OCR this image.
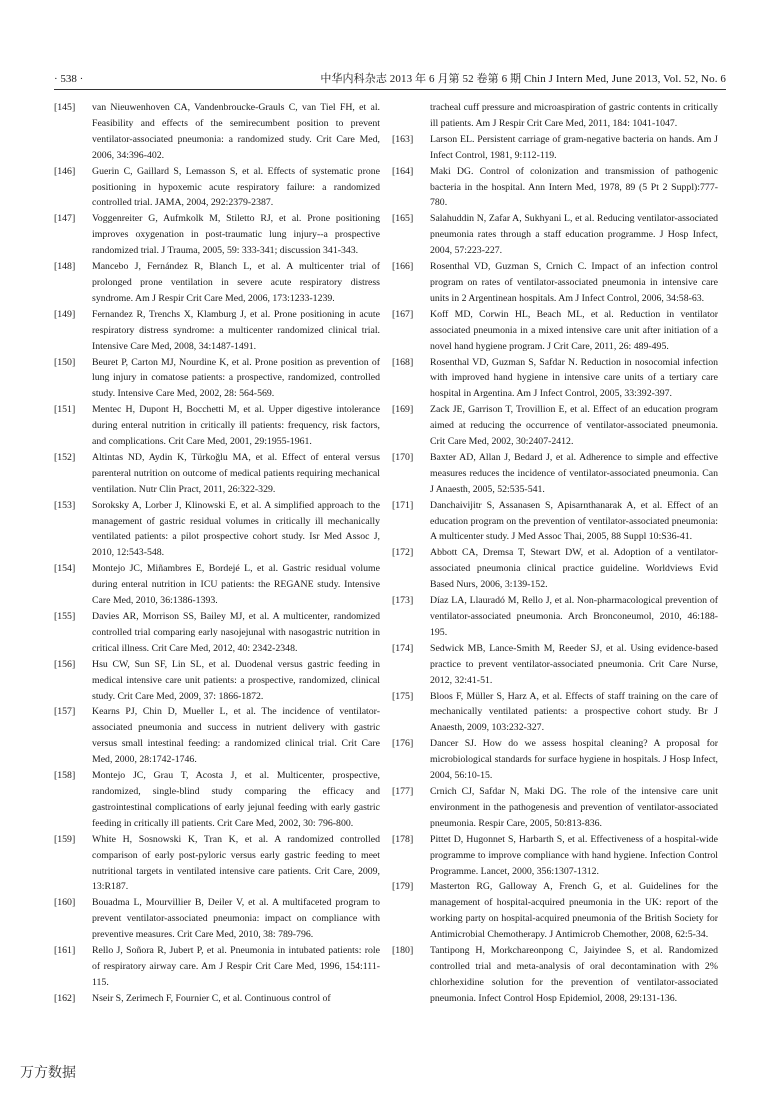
· 538 ·	中华内科杂志 2013 年 6 月第 52 卷第 6 期 Chin J Intern Med, June 2013, Vol. 52, No. 6
[145] van Nieuwenhoven CA, Vandenbroucke-Grauls C, van Tiel FH, et al. Feasibility and effects of the semirecumbent position to prevent ventilator-associated pneumonia: a randomized study. Crit Care Med, 2006, 34:396-402.
[146] Guerin C, Gaillard S, Lemasson S, et al. Effects of systematic prone positioning in hypoxemic acute respiratory failure: a randomized controlled trial. JAMA, 2004, 292:2379-2387.
[147] Voggenreiter G, Aufmkolk M, Stiletto RJ, et al. Prone positioning improves oxygenation in post-traumatic lung injury--a prospective randomized trial. J Trauma, 2005, 59: 333-341; discussion 341-343.
[148] Mancebo J, Fernández R, Blanch L, et al. A multicenter trial of prolonged prone ventilation in severe acute respiratory distress syndrome. Am J Respir Crit Care Med, 2006, 173:1233-1239.
[149] Fernandez R, Trenchs X, Klamburg J, et al. Prone positioning in acute respiratory distress syndrome: a multicenter randomized clinical trial. Intensive Care Med, 2008, 34:1487-1491.
[150] Beuret P, Carton MJ, Nourdine K, et al. Prone position as prevention of lung injury in comatose patients: a prospective, randomized, controlled study. Intensive Care Med, 2002, 28: 564-569.
[151] Mentec H, Dupont H, Bocchetti M, et al. Upper digestive intolerance during enteral nutrition in critically ill patients: frequency, risk factors, and complications. Crit Care Med, 2001, 29:1955-1961.
[152] Altintas ND, Aydin K, Türkoğlu MA, et al. Effect of enteral versus parenteral nutrition on outcome of medical patients requiring mechanical ventilation. Nutr Clin Pract, 2011, 26:322-329.
[153] Soroksky A, Lorber J, Klinowski E, et al. A simplified approach to the management of gastric residual volumes in critically ill mechanically ventilated patients: a pilot prospective cohort study. Isr Med Assoc J, 2010, 12:543-548.
[154] Montejo JC, Miñambres E, Bordejé L, et al. Gastric residual volume during enteral nutrition in ICU patients: the REGANE study. Intensive Care Med, 2010, 36:1386-1393.
[155] Davies AR, Morrison SS, Bailey MJ, et al. A multicenter, randomized controlled trial comparing early nasojejunal with nasogastric nutrition in critical illness. Crit Care Med, 2012, 40: 2342-2348.
[156] Hsu CW, Sun SF, Lin SL, et al. Duodenal versus gastric feeding in medical intensive care unit patients: a prospective, randomized, clinical study. Crit Care Med, 2009, 37: 1866-1872.
[157] Kearns PJ, Chin D, Mueller L, et al. The incidence of ventilator-associated pneumonia and success in nutrient delivery with gastric versus small intestinal feeding: a randomized clinical trial. Crit Care Med, 2000, 28:1742-1746.
[158] Montejo JC, Grau T, Acosta J, et al. Multicenter, prospective, randomized, single-blind study comparing the efficacy and gastrointestinal complications of early jejunal feeding with early gastric feeding in critically ill patients. Crit Care Med, 2002, 30: 796-800.
[159] White H, Sosnowski K, Tran K, et al. A randomized controlled comparison of early post-pyloric versus early gastric feeding to meet nutritional targets in ventilated intensive care patients. Crit Care, 2009, 13:R187.
[160] Bouadma L, Mourvillier B, Deiler V, et al. A multifaceted program to prevent ventilator-associated pneumonia: impact on compliance with preventive measures. Crit Care Med, 2010, 38: 789-796.
[161] Rello J, Soñora R, Jubert P, et al. Pneumonia in intubated patients: role of respiratory airway care. Am J Respir Crit Care Med, 1996, 154:111-115.
[162] Nseir S, Zerimech F, Fournier C, et al. Continuous control of
tracheal cuff pressure and microaspiration of gastric contents in critically ill patients. Am J Respir Crit Care Med, 2011, 184: 1041-1047.
[163] Larson EL. Persistent carriage of gram-negative bacteria on hands. Am J Infect Control, 1981, 9:112-119.
[164] Maki DG. Control of colonization and transmission of pathogenic bacteria in the hospital. Ann Intern Med, 1978, 89 (5 Pt 2 Suppl):777-780.
[165] Salahuddin N, Zafar A, Sukhyani L, et al. Reducing ventilator-associated pneumonia rates through a staff education programme. J Hosp Infect, 2004, 57:223-227.
[166] Rosenthal VD, Guzman S, Crnich C. Impact of an infection control program on rates of ventilator-associated pneumonia in intensive care units in 2 Argentinean hospitals. Am J Infect Control, 2006, 34:58-63.
[167] Koff MD, Corwin HL, Beach ML, et al. Reduction in ventilator associated pneumonia in a mixed intensive care unit after initiation of a novel hand hygiene program. J Crit Care, 2011, 26: 489-495.
[168] Rosenthal VD, Guzman S, Safdar N. Reduction in nosocomial infection with improved hand hygiene in intensive care units of a tertiary care hospital in Argentina. Am J Infect Control, 2005, 33:392-397.
[169] Zack JE, Garrison T, Trovillion E, et al. Effect of an education program aimed at reducing the occurrence of ventilator-associated pneumonia. Crit Care Med, 2002, 30:2407-2412.
[170] Baxter AD, Allan J, Bedard J, et al. Adherence to simple and effective measures reduces the incidence of ventilator-associated pneumonia. Can J Anaesth, 2005, 52:535-541.
[171] Danchaivijitr S, Assanasen S, Apisarnthanarak A, et al. Effect of an education program on the prevention of ventilator-associated pneumonia: A multicenter study. J Med Assoc Thai, 2005, 88 Suppl 10:S36-41.
[172] Abbott CA, Dremsa T, Stewart DW, et al. Adoption of a ventilator-associated pneumonia clinical practice guideline. Worldviews Evid Based Nurs, 2006, 3:139-152.
[173] Díaz LA, Llauradó M, Rello J, et al. Non-pharmacological prevention of ventilator-associated pneumonia. Arch Bronconeumol, 2010, 46:188-195.
[174] Sedwick MB, Lance-Smith M, Reeder SJ, et al. Using evidence-based practice to prevent ventilator-associated pneumonia. Crit Care Nurse, 2012, 32:41-51.
[175] Bloos F, Müller S, Harz A, et al. Effects of staff training on the care of mechanically ventilated patients: a prospective cohort study. Br J Anaesth, 2009, 103:232-327.
[176] Dancer SJ. How do we assess hospital cleaning? A proposal for microbiological standards for surface hygiene in hospitals. J Hosp Infect, 2004, 56:10-15.
[177] Crnich CJ, Safdar N, Maki DG. The role of the intensive care unit environment in the pathogenesis and prevention of ventilator-associated pneumonia. Respir Care, 2005, 50:813-836.
[178] Pittet D, Hugonnet S, Harbarth S, et al. Effectiveness of a hospital-wide programme to improve compliance with hand hygiene. Infection Control Programme. Lancet, 2000, 356:1307-1312.
[179] Masterton RG, Galloway A, French G, et al. Guidelines for the management of hospital-acquired pneumonia in the UK: report of the working party on hospital-acquired pneumonia of the British Society for Antimicrobial Chemotherapy. J Antimicrob Chemother, 2008, 62:5-34.
[180] Tantipong H, Morkchareonpong C, Jaiyindee S, et al. Randomized controlled trial and meta-analysis of oral decontamination with 2% chlorhexidine solution for the prevention of ventilator-associated pneumonia. Infect Control Hosp Epidemiol, 2008, 29:131-136.
万方数据
